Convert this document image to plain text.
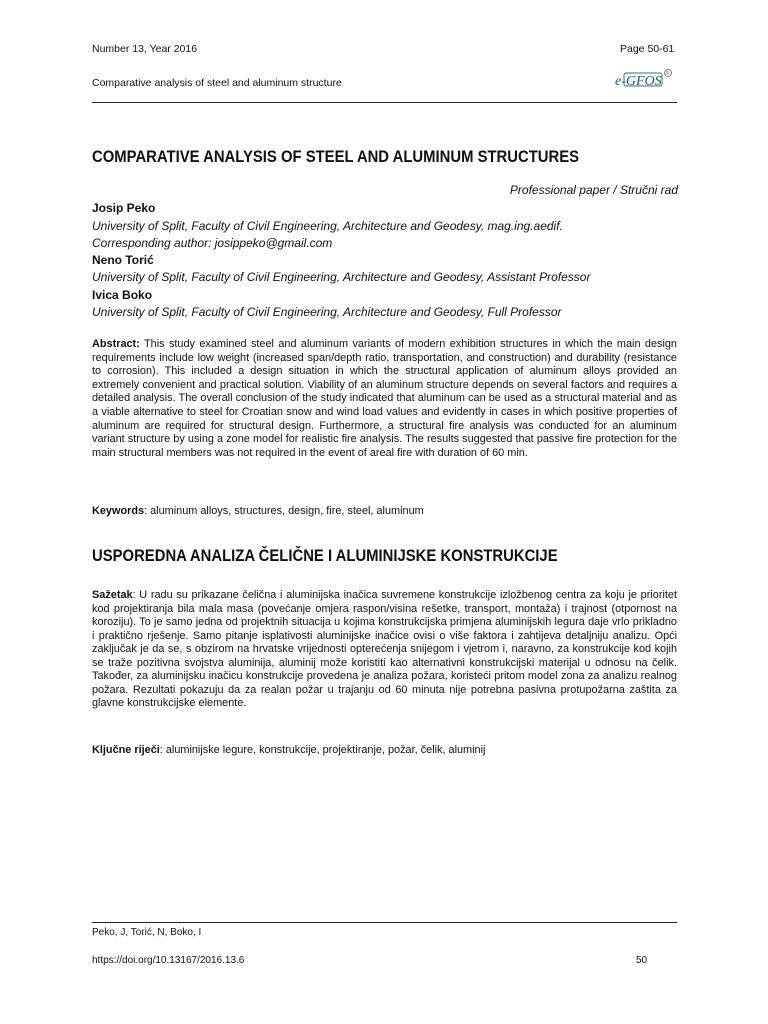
Number 13, Year 2016	Page 50-61
Comparative analysis of steel and aluminum structure	e-GFOS ®
COMPARATIVE ANALYSIS OF STEEL AND ALUMINUM STRUCTURES
Professional paper / Stručni rad
Josip Peko
University of Split, Faculty of Civil Engineering, Architecture and Geodesy, mag.ing.aedif.
Corresponding author: josippeko@gmail.com
Neno Torić
University of Split, Faculty of Civil Engineering, Architecture and Geodesy, Assistant Professor
Ivica Boko
University of Split, Faculty of Civil Engineering, Architecture and Geodesy, Full Professor

Abstract: This study examined steel and aluminum variants of modern exhibition structures in which the main design requirements include low weight (increased span/depth ratio, transportation, and construction) and durability (resistance to corrosion). This included a design situation in which the structural application of aluminum alloys provided an extremely convenient and practical solution. Viability of an aluminum structure depends on several factors and requires a detailed analysis. The overall conclusion of the study indicated that aluminum can be used as a structural material and as a viable alternative to steel for Croatian snow and wind load values and evidently in cases in which positive properties of aluminum are required for structural design. Furthermore, a structural fire analysis was conducted for an aluminum variant structure by using a zone model for realistic fire analysis. The results suggested that passive fire protection for the main structural members was not required in the event of areal fire with duration of 60 min.

Keywords: aluminum alloys, structures, design, fire, steel, aluminum
USPOREDNA ANALIZA ČELIČNE I ALUMINIJSKE KONSTRUKCIJE

Sažetak: U radu su prikazane čelična i aluminijska inačica suvremene konstrukcije izložbenog centra za koju je prioritet kod projektiranja bila mala masa (povećanje omjera raspon/visina rešetke, transport, montaža) i trajnost (otpornost na koroziju). To je samo jedna od projektnih situacija u kojima konstrukcijska primjena aluminijskih legura daje vrlo prikladno i praktično rješenje. Samo pitanje isplativosti aluminijske inačice ovisi o više faktora i zahtijeva detaljniju analizu. Opći zaključak je da se, s obzirom na hrvatske vrijednosti opterećenja snijegom i vjetrom i, naravno, za konstrukcije kod kojih se traže pozitivna svojstva aluminija, aluminij može koristiti kao alternativni konstrukcijski materijal u odnosu na čelik. Također, za aluminijsku inačicu konstrukcije provedena je analiza požara, koristeći pritom model zona za analizu realnog požara. Rezultati pokazuju da za realan požar u trajanju od 60 minuta nije potrebna pasivna protupožarna zaštita za glavne konstrukcijske elemente.

Ključne riječi: aluminijske legure, konstrukcije, projektiranje, požar, čelik, aluminij
Peko, J, Torić, N, Boko, I
https://doi.org/10.13167/2016.13.6	50
